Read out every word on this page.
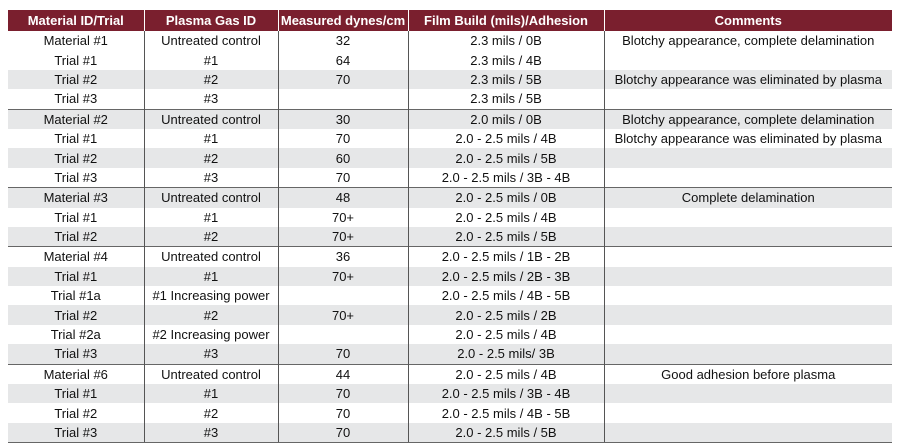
Material ID/Trial	Plasma Gas ID	Measured dynes/cm	Film Build (mils)/Adhesion	Comments
Material #1	Untreated control	32	2.3 mils / 0B	Blotchy appearance, complete delamination
Trial #1	#1	64	2.3 mils / 4B	
Trial #2	#2	70	2.3 mils / 5B	Blotchy appearance was eliminated by plasma
Trial #3	#3		2.3 mils / 5B	
Material #2	Untreated control	30	2.0 mils / 0B	Blotchy appearance, complete delamination
Trial #1	#1	70	2.0 - 2.5 mils / 4B	Blotchy appearance was eliminated by plasma
Trial #2	#2	60	2.0 - 2.5 mils / 5B	
Trial #3	#3	70	2.0 - 2.5 mils / 3B - 4B	
Material #3	Untreated control	48	2.0 - 2.5 mils / 0B	Complete delamination
Trial #1	#1	70+	2.0 - 2.5 mils / 4B	
Trial #2	#2	70+	2.0 - 2.5 mils / 5B	
Material #4	Untreated control	36	2.0 - 2.5 mils / 1B - 2B	
Trial #1	#1	70+	2.0 - 2.5 mils / 2B - 3B	
Trial #1a	#1 Increasing power		2.0 - 2.5 mils / 4B - 5B	
Trial #2	#2	70+	2.0 - 2.5 mils / 2B	
Trial #2a	#2 Increasing power		2.0 - 2.5 mils / 4B	
Trial #3	#3	70	2.0 - 2.5 mils/ 3B	
Material #6	Untreated control	44	2.0 - 2.5 mils / 4B	Good adhesion before plasma
Trial #1	#1	70	2.0 - 2.5 mils / 3B - 4B	
Trial #2	#2	70	2.0 - 2.5 mils / 4B - 5B	
Trial #3	#3	70	2.0 - 2.5 mils / 5B	
